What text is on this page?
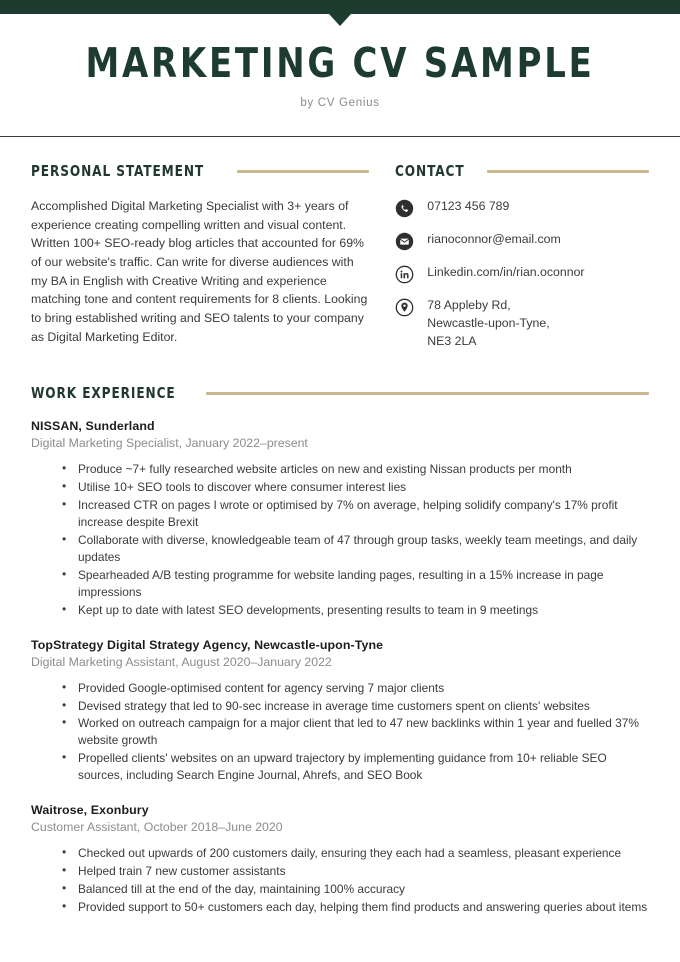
MARKETING CV SAMPLE
by CV Genius
PERSONAL STATEMENT

Accomplished Digital Marketing Specialist with 3+ years of experience creating compelling written and visual content. Written 100+ SEO-ready blog articles that accounted for 69% of our website's traffic. Can write for diverse audiences with my BA in English with Creative Writing and experience matching tone and content requirements for 8 clients. Looking to bring established writing and SEO talents to your company as Digital Marketing Editor.

CONTACT
07123 456 789
rianoconnor@email.com
Linkedin.com/in/rian.oconnor
78 Appleby Rd,
Newcastle-upon-Tyne,
NE3 2LA
WORK EXPERIENCE
NISSAN, Sunderland
Digital Marketing Specialist, January 2022–present
• Produce ~7+ fully researched website articles on new and existing Nissan products per month
• Utilise 10+ SEO tools to discover where consumer interest lies
• Increased CTR on pages I wrote or optimised by 7% on average, helping solidify company's 17% profit increase despite Brexit
• Collaborate with diverse, knowledgeable team of 47 through group tasks, weekly team meetings, and daily updates
• Spearheaded A/B testing programme for website landing pages, resulting in a 15% increase in page impressions
• Kept up to date with latest SEO developments, presenting results to team in 9 meetings
TopStrategy Digital Strategy Agency, Newcastle-upon-Tyne
Digital Marketing Assistant, August 2020–January 2022
• Provided Google-optimised content for agency serving 7 major clients
• Devised strategy that led to 90-sec increase in average time customers spent on clients' websites
• Worked on outreach campaign for a major client that led to 47 new backlinks within 1 year and fuelled 37% website growth
• Propelled clients' websites on an upward trajectory by implementing guidance from 10+ reliable SEO sources, including Search Engine Journal, Ahrefs, and SEO Book
Waitrose, Exonbury
Customer Assistant, October 2018–June 2020
• Checked out upwards of 200 customers daily, ensuring they each had a seamless, pleasant experience
• Helped train 7 new customer assistants
• Balanced till at the end of the day, maintaining 100% accuracy
• Provided support to 50+ customers each day, helping them find products and answering queries about items
